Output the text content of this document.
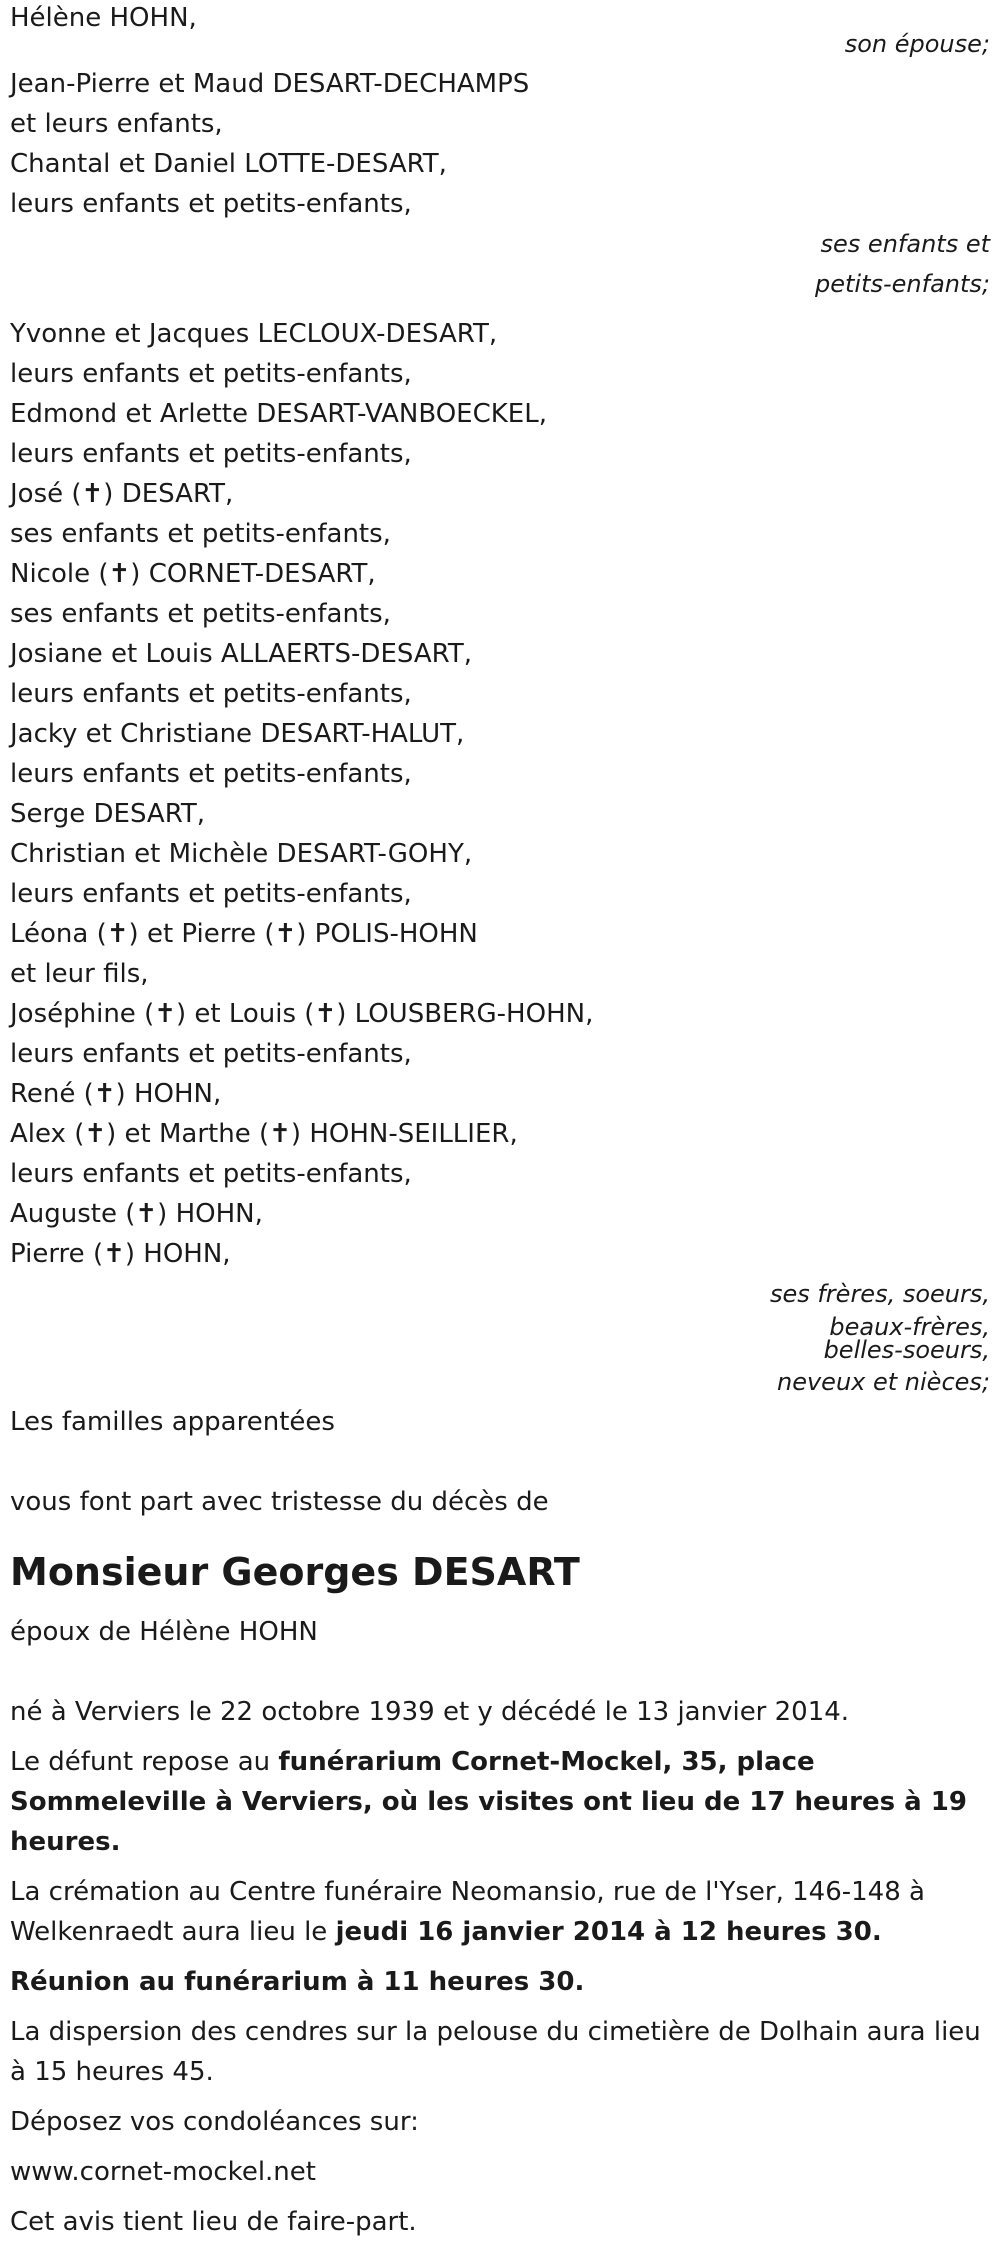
Hélène HOHN,
son épouse;
Jean-Pierre et Maud DESART-DECHAMPS
et leurs enfants,
Chantal et Daniel LOTTE-DESART,
leurs enfants et petits-enfants,
ses enfants et
petits-enfants;
Yvonne et Jacques LECLOUX-DESART,
leurs enfants et petits-enfants,
Edmond et Arlette DESART-VANBOECKEL,
leurs enfants et petits-enfants,
José (✝) DESART,
ses enfants et petits-enfants,
Nicole (✝) CORNET-DESART,
ses enfants et petits-enfants,
Josiane et Louis ALLAERTS-DESART,
leurs enfants et petits-enfants,
Jacky et Christiane DESART-HALUT,
leurs enfants et petits-enfants,
Serge DESART,
Christian et Michèle DESART-GOHY,
leurs enfants et petits-enfants,
Léona (✝) et Pierre (✝) POLIS-HOHN
et leur fils,
Joséphine (✝) et Louis (✝) LOUSBERG-HOHN,
leurs enfants et petits-enfants,
René (✝) HOHN,
Alex (✝) et Marthe (✝) HOHN-SEILLIER,
leurs enfants et petits-enfants,
Auguste (✝) HOHN,
Pierre (✝) HOHN,
ses frères, soeurs,
beaux-frères,
belles-soeurs,
neveux et nièces;
Les familles apparentées
vous font part avec tristesse du décès de
Monsieur Georges DESART
époux de Hélène HOHN
né à Verviers le 22 octobre 1939 et y décédé le 13 janvier 2014.
Le défunt repose au funérarium Cornet-Mockel, 35, place Sommeleville à Verviers, où les visites ont lieu de 17 heures à 19 heures.
La crémation au Centre funéraire Neomansio, rue de l'Yser, 146-148 à Welkenraedt aura lieu le jeudi 16 janvier 2014 à 12 heures 30.
Réunion au funérarium à 11 heures 30.
La dispersion des cendres sur la pelouse du cimetière de Dolhain aura lieu à 15 heures 45.
Déposez vos condoléances sur:
www.cornet-mockel.net
Cet avis tient lieu de faire-part.
